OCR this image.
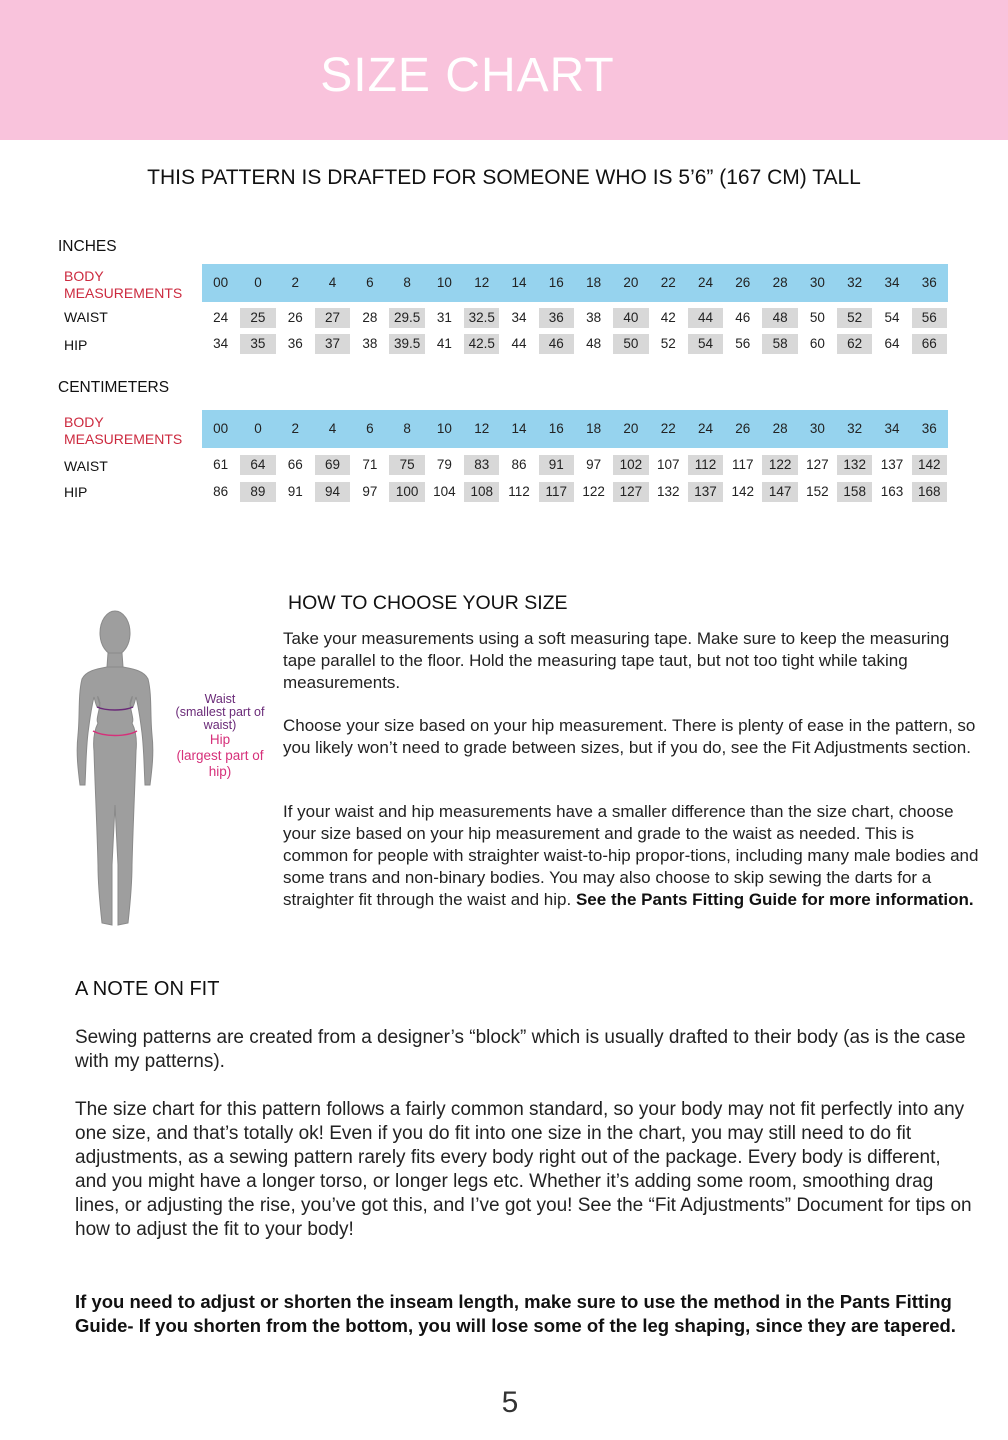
SIZE CHART
THIS PATTERN IS DRAFTED FOR SOMEONE WHO IS 5’6” (167 CM) TALL
INCHES
BODY
MEASUREMENTS
00	0	2	4	6	8	10	12	14	16	18	20	22	24	26	28	30	32	34	36
WAIST	24	25	26	27	28	29.5	31	32.5	34	36	38	40	42	44	46	48	50	52	54	56
HIP	34	35	36	37	38	39.5	41	42.5	44	46	48	50	52	54	56	58	60	62	64	66
CENTIMETERS
BODY
MEASUREMENTS
00	0	2	4	6	8	10	12	14	16	18	20	22	24	26	28	30	32	34	36
WAIST	61	64	66	69	71	75	79	83	86	91	97	102	107	112	117	122	127	132	137	142
HIP	86	89	91	94	97	100	104	108	112	117	122	127	132	137	142	147	152	158	163	168
Waist
(smallest part of
waist)
Hip
(largest part of
hip)
HOW TO CHOOSE YOUR SIZE
Take your measurements using a soft measuring tape. Make sure to keep the measuring tape parallel to the floor. Hold the measuring tape taut, but not too tight while taking measurements.
Choose your size based on your hip measurement. There is plenty of ease in the pattern, so you likely won’t need to grade between sizes, but if you do, see the Fit Adjustments section.
If your waist and hip measurements have a smaller difference than the size chart, choose your size based on your hip measurement and grade to the waist as needed. This is common for people with straighter waist-to-hip propor-tions, including many male bodies and some trans and non-binary bodies. You may also choose to skip sewing the darts for a straighter fit through the waist and hip. See the Pants Fitting Guide for more information.
A NOTE ON FIT
Sewing patterns are created from a designer’s “block” which is usually drafted to their body (as is the case with my patterns).
The size chart for this pattern follows a fairly common standard, so your body may not fit perfectly into any one size, and that’s totally ok! Even if you do fit into one size in the chart, you may still need to do fit adjustments, as a sewing pattern rarely fits every body right out of the package. Every body is different, and you might have a longer torso, or longer legs etc. Whether it’s adding some room, smoothing drag lines, or adjusting the rise, you’ve got this, and I’ve got you! See the “Fit Adjustments” Document for tips on how to adjust the fit to your body!
If you need to adjust or shorten the inseam length, make sure to use the method in the Pants Fitting Guide- If you shorten from the bottom, you will lose some of the leg shaping, since they are tapered.
5
